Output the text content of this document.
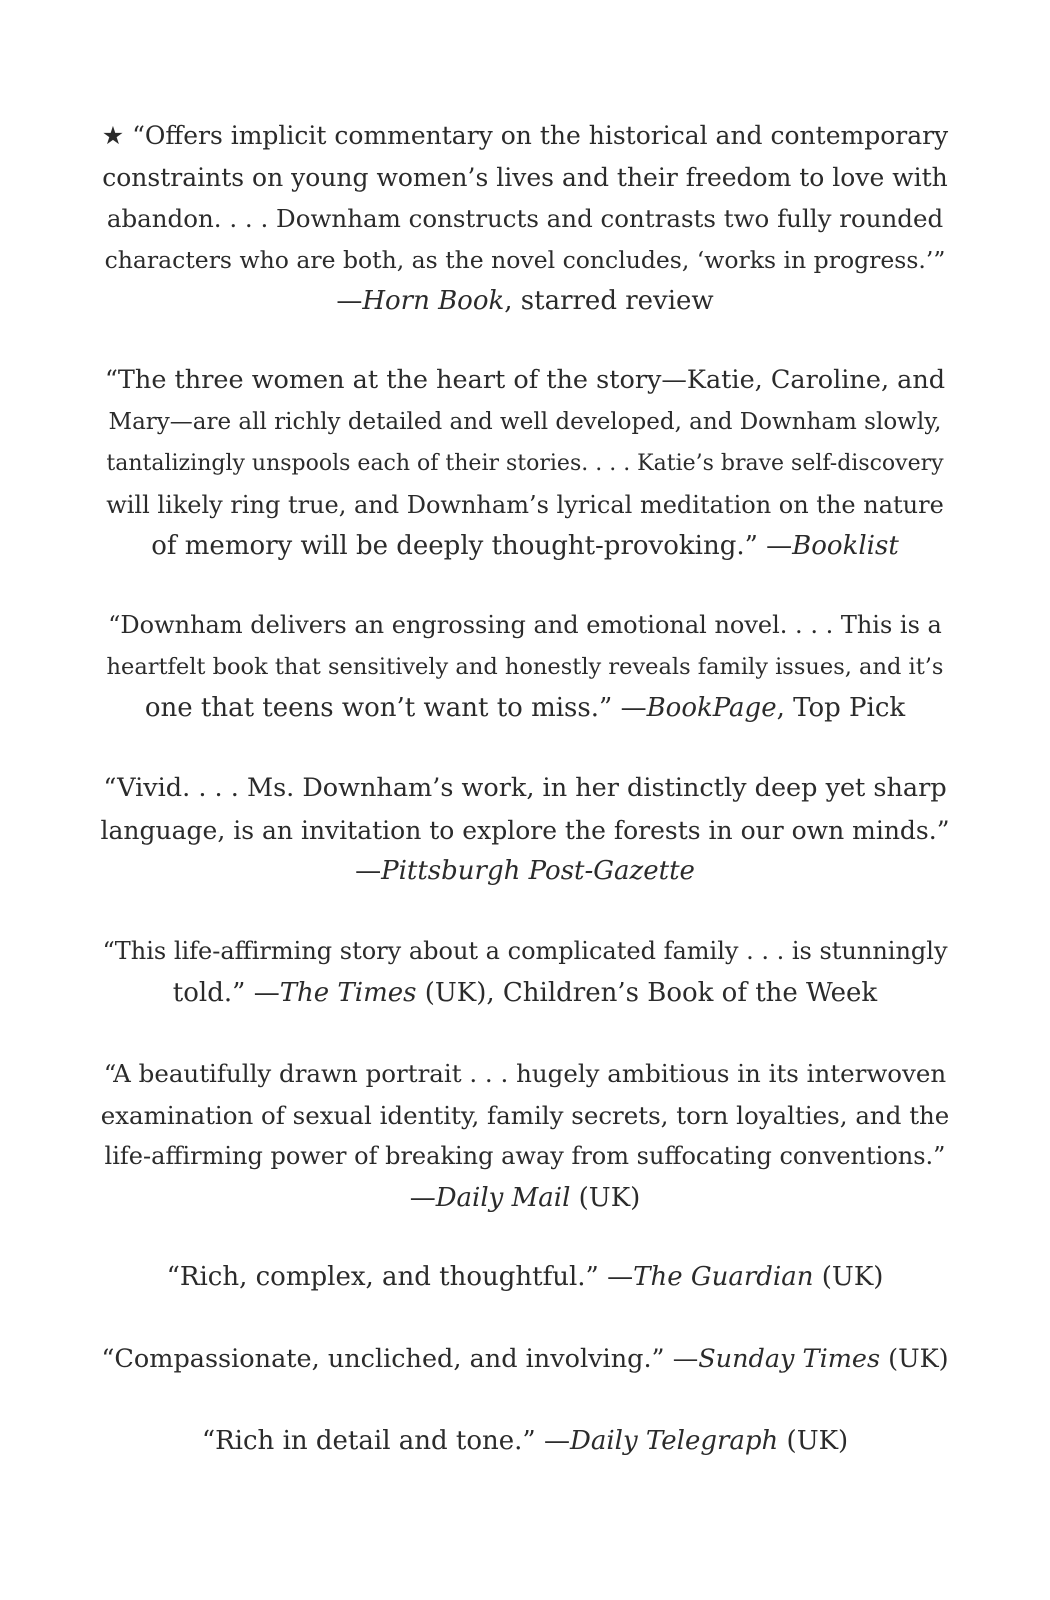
★ “Offers implicit commentary on the historical and contemporary
constraints on young women’s lives and their freedom to love with
abandon. . . . Downham constructs and contrasts two fully rounded
characters who are both, as the novel concludes, ‘works in progress.’”
—Horn Book, starred review
“The three women at the heart of the story—Katie, Caroline, and
Mary—are all richly detailed and well developed, and Downham slowly,
tantalizingly unspools each of their stories. . . . Katie’s brave self-discovery
will likely ring true, and Downham’s lyrical meditation on the nature
of memory will be deeply thought-provoking.” —Booklist
“Downham delivers an engrossing and emotional novel. . . . This is a
heartfelt book that sensitively and honestly reveals family issues, and it’s
one that teens won’t want to miss.” —BookPage, Top Pick
“Vivid. . . . Ms. Downham’s work, in her distinctly deep yet sharp
language, is an invitation to explore the forests in our own minds.”
—Pittsburgh Post-Gazette
“This life-affirming story about a complicated family . . . is stunningly
told.” —The Times (UK), Children’s Book of the Week
“A beautifully drawn portrait . . . hugely ambitious in its interwoven
examination of sexual identity, family secrets, torn loyalties, and the
life-affirming power of breaking away from suffocating conventions.”
—Daily Mail (UK)
“Rich, complex, and thoughtful.” —The Guardian (UK)
“Compassionate, uncliched, and involving.” —Sunday Times (UK)
“Rich in detail and tone.” —Daily Telegraph (UK)
